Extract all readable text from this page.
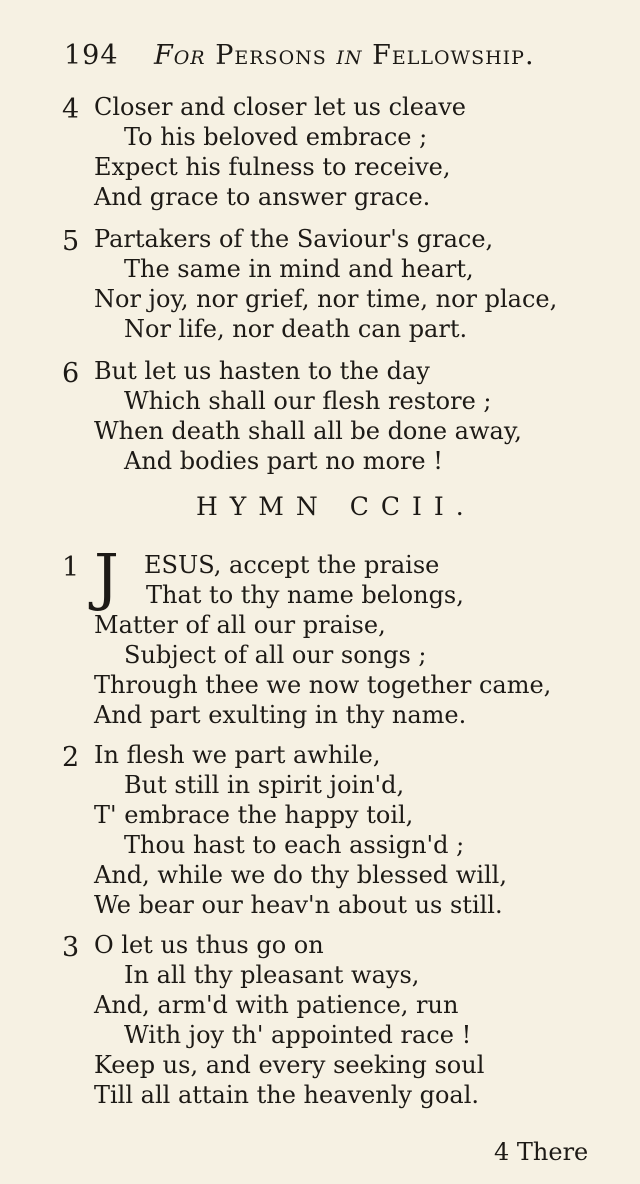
194 For Persons in Fellowship.
4 Closer and closer let us cleave
To his beloved embrace ;
Expect his fulness to receive,
And grace to answer grace.
5 Partakers of the Saviour's grace,
The same in mind and heart,
Nor joy, nor grief, nor time, nor place,
Nor life, nor death can part.
6 But let us hasten to the day
Which shall our flesh restore ;
When death shall all be done away,
And bodies part no more !
HYMN CCII.
1	ESUS, accept the praise
That to thy name belongs,
Matter of all our praise,
Subject of all our songs ;
Through thee we now together came,
And part exulting in thy name.
J
2 In flesh we part awhile,
But still in spirit join'd,
T' embrace the happy toil,
Thou hast to each assign'd ;
And, while we do thy blessed will,
We bear our heav'n about us still.
3 O let us thus go on
In all thy pleasant ways,
And, arm'd with patience, run
With joy th' appointed race !
Keep us, and every seeking soul
Till all attain the heavenly goal.
4 There
